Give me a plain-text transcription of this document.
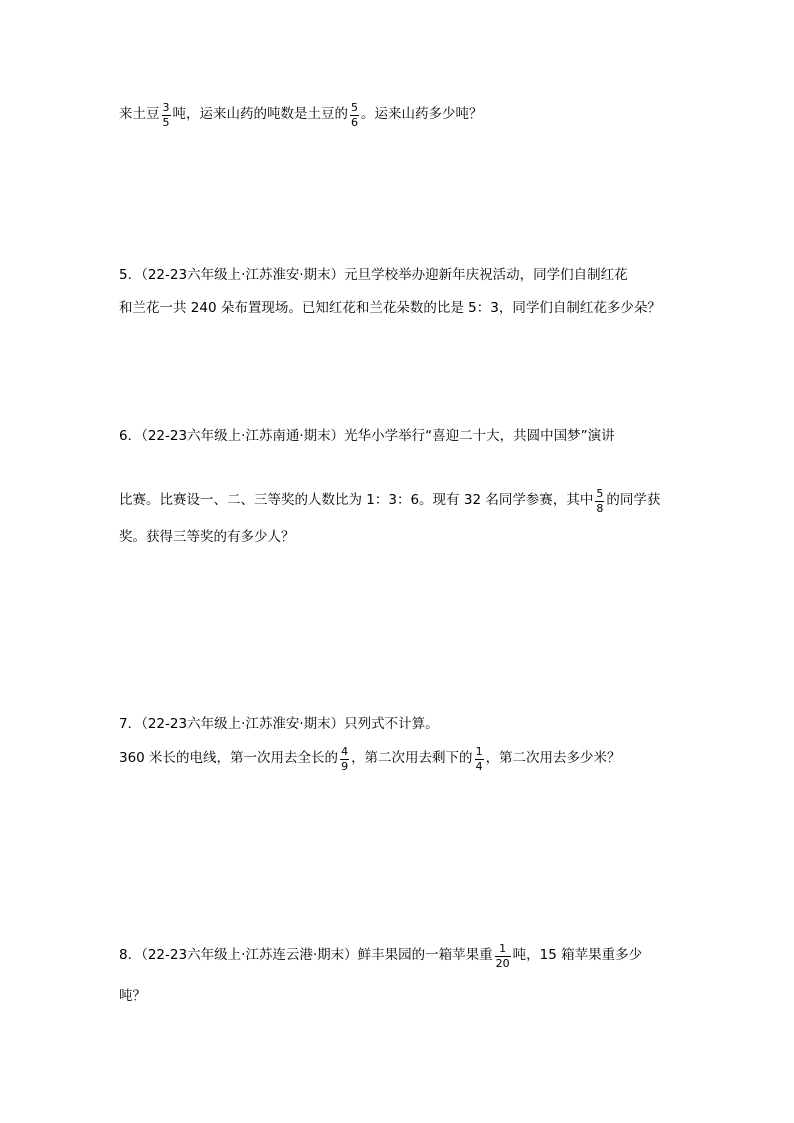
来土豆 $\frac{3}{5}$ 吨，运来山药的吨数是土豆的 $\frac{5}{6}$ 。运来山药多少吨？
5．（22-23六年级上·江苏淮安·期末）元旦学校举办迎新年庆祝活动，同学们自制红花
和兰花一共 240 朵布置现场。已知红花和兰花朵数的比是 5：3，同学们自制红花多少朵？
6．（22-23六年级上·江苏南通·期末）光华小学举行“喜迎二十大，共圆中国梦”演讲
比赛。比赛设一、二、三等奖的人数比为 1：3：6。现有 32 名同学参赛，其中 $\frac{5}{8}$ 的同学获
奖。获得三等奖的有多少人？
7．（22-23六年级上·江苏淮安·期末）只列式不计算。
360 米长的电线，第一次用去全长的 $\frac{4}{9}$ ，第二次用去剩下的 $\frac{1}{4}$ ，第二次用去多少米？
8．（22-23六年级上·江苏连云港·期末）鲜丰果园的一箱苹果重 $\frac{1}{20}$ 吨，15 箱苹果重多少
吨？
